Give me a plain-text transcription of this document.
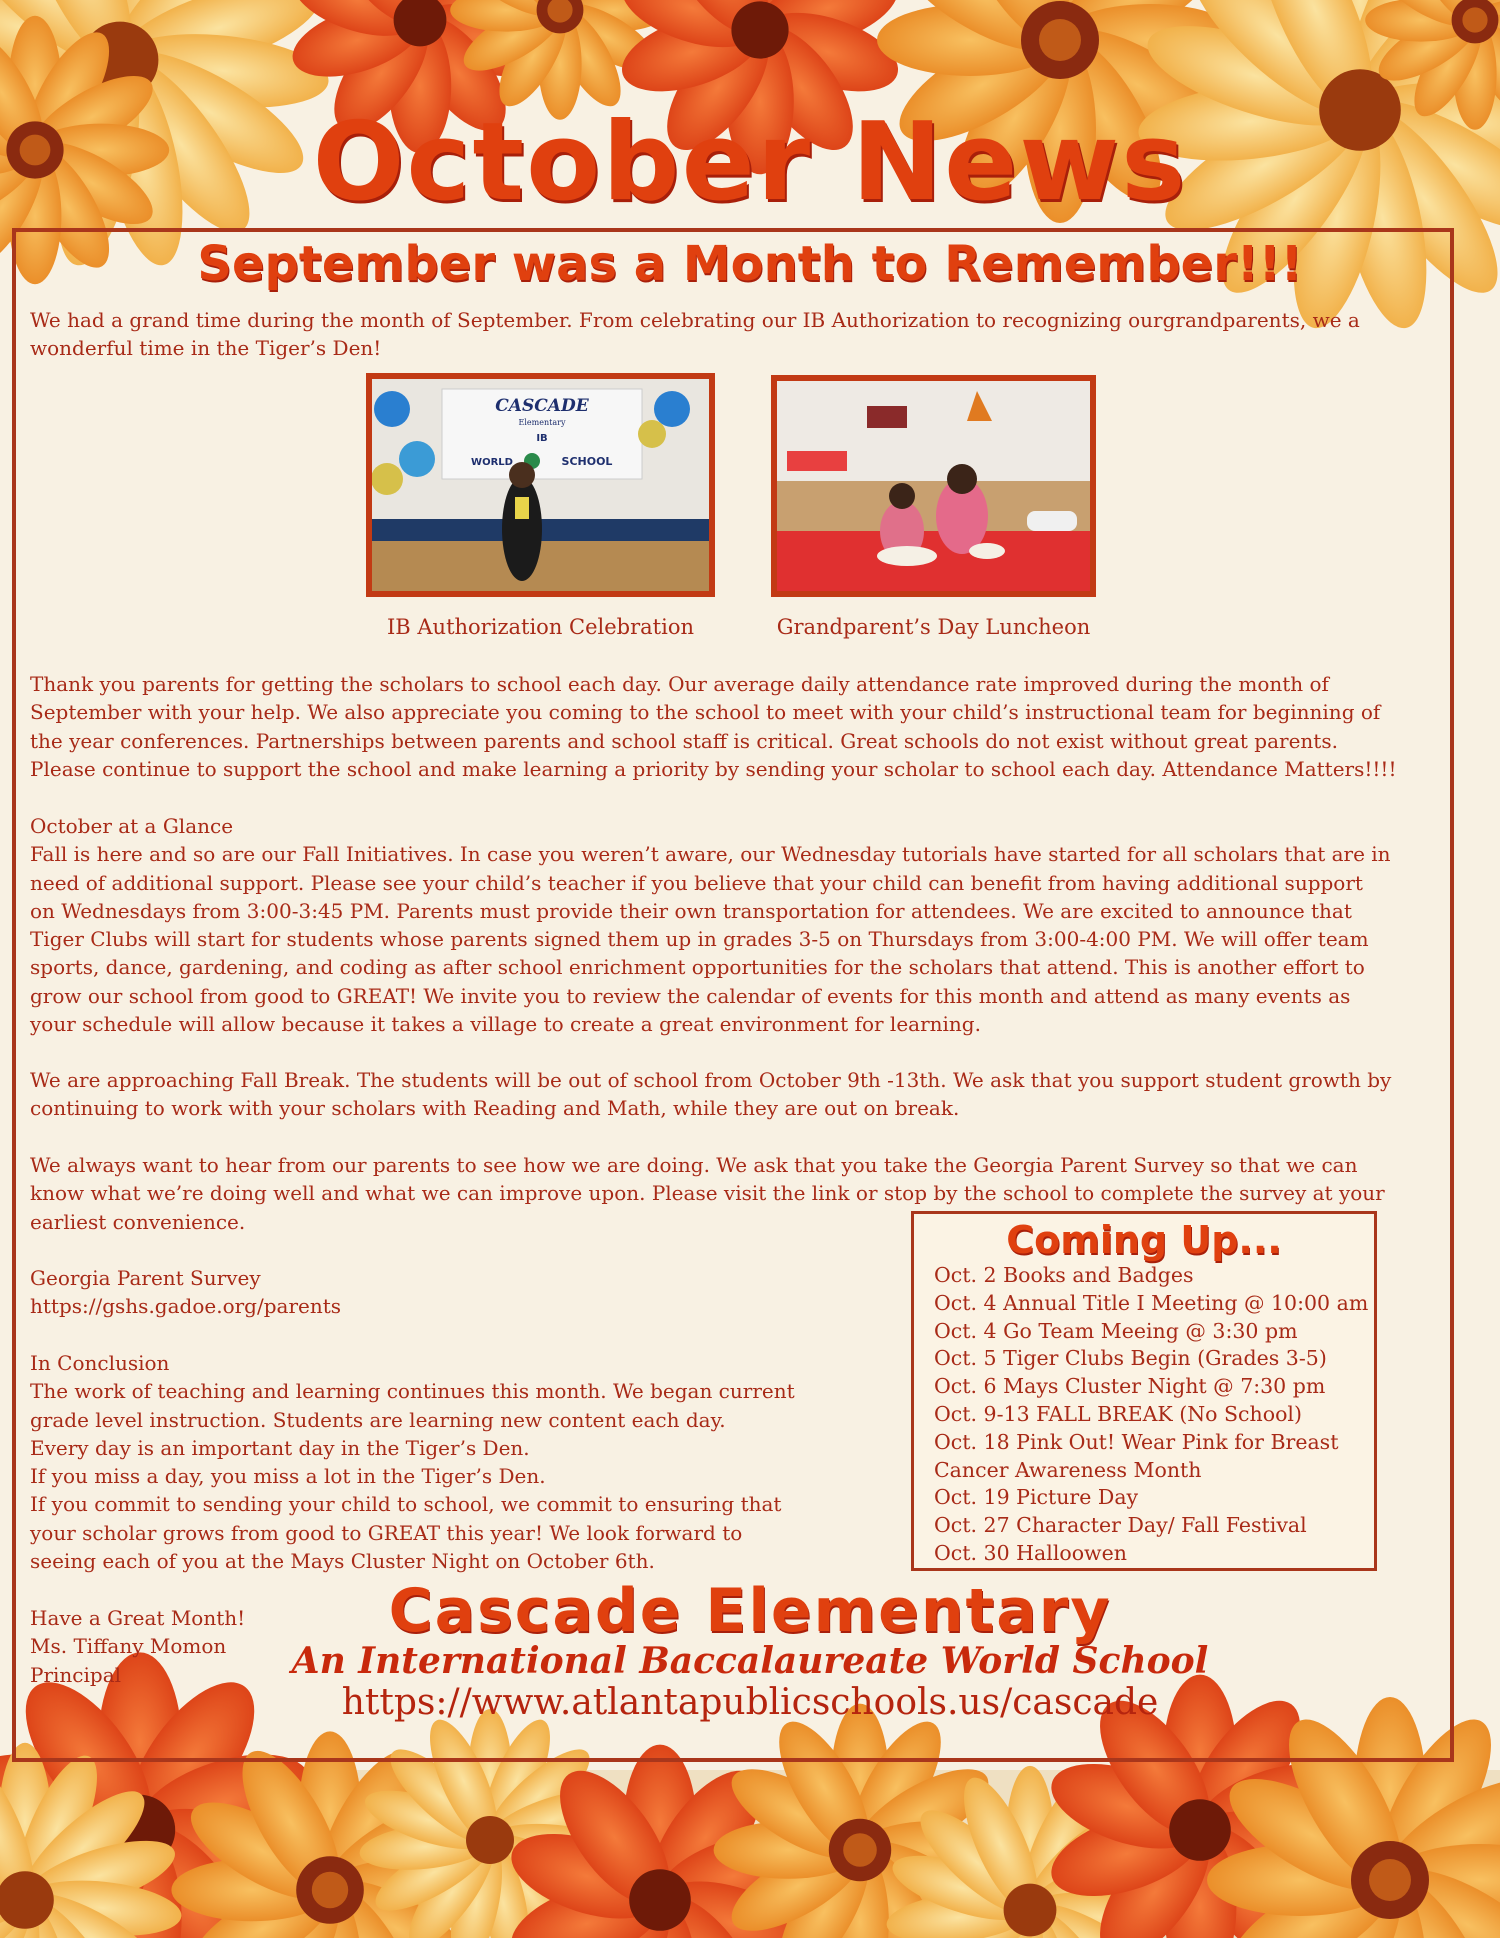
October News
September was a Month to Remember!!!
We had a grand time during the month of September. From celebrating our IB Authorization to recognizing ourgrandparents, we a
wonderful time in the Tiger’s Den!
CASCADE
Elementary
IB
WORLD	SCHOOL
IB Authorization Celebration	Grandparent’s Day Luncheon
Thank you parents for getting the scholars to school each day. Our average daily attendance rate improved during the month of
September with your help. We also appreciate you coming to the school to meet with your child’s instructional team for beginning of
the year conferences. Partnerships between parents and school staff is critical. Great schools do not exist without great parents.
Please continue to support the school and make learning a priority by sending your scholar to school each day. Attendance Matters!!!!
October at a Glance
Fall is here and so are our Fall Initiatives. In case you weren’t aware, our Wednesday tutorials have started for all scholars that are in
need of additional support. Please see your child’s teacher if you believe that your child can benefit from having additional support
on Wednesdays from 3:00-3:45 PM. Parents must provide their own transportation for attendees. We are excited to announce that
Tiger Clubs will start for students whose parents signed them up in grades 3-5 on Thursdays from 3:00-4:00 PM. We will offer team
sports, dance, gardening, and coding as after school enrichment opportunities for the scholars that attend. This is another effort to
grow our school from good to GREAT! We invite you to review the calendar of events for this month and attend as many events as
your schedule will allow because it takes a village to create a great environment for learning.
We are approaching Fall Break. The students will be out of school from October 9th -13th. We ask that you support student growth by
continuing to work with your scholars with Reading and Math, while they are out on break.
We always want to hear from our parents to see how we are doing. We ask that you take the Georgia Parent Survey so that we can
know what we’re doing well and what we can improve upon. Please visit the link or stop by the school to complete the survey at your
earliest convenience.
Georgia Parent Survey
https://gshs.gadoe.org/parents
In Conclusion
The work of teaching and learning continues this month. We began current
grade level instruction. Students are learning new content each day.
Every day is an important day in the Tiger’s Den.
If you miss a day, you miss a lot in the Tiger’s Den.
If you commit to sending your child to school, we commit to ensuring that
your scholar grows from good to GREAT this year! We look forward to
seeing each of you at the Mays Cluster Night on October 6th.
Have a Great Month!
Ms. Tiffany Momon
Principal
Coming Up...
Oct. 2 Books and Badges
Oct. 4 Annual Title I Meeting @ 10:00 am
Oct. 4 Go Team Meeing @ 3:30 pm
Oct. 5 Tiger Clubs Begin (Grades 3-5)
Oct. 6 Mays Cluster Night @ 7:30 pm
Oct. 9-13 FALL BREAK (No School)
Oct. 18 Pink Out! Wear Pink for Breast
Cancer Awareness Month
Oct. 19 Picture Day
Oct. 27 Character Day/ Fall Festival
Oct. 30 Halloowen
Cascade Elementary
An International Baccalaureate World School
https://www.atlantapublicschools.us/cascade
